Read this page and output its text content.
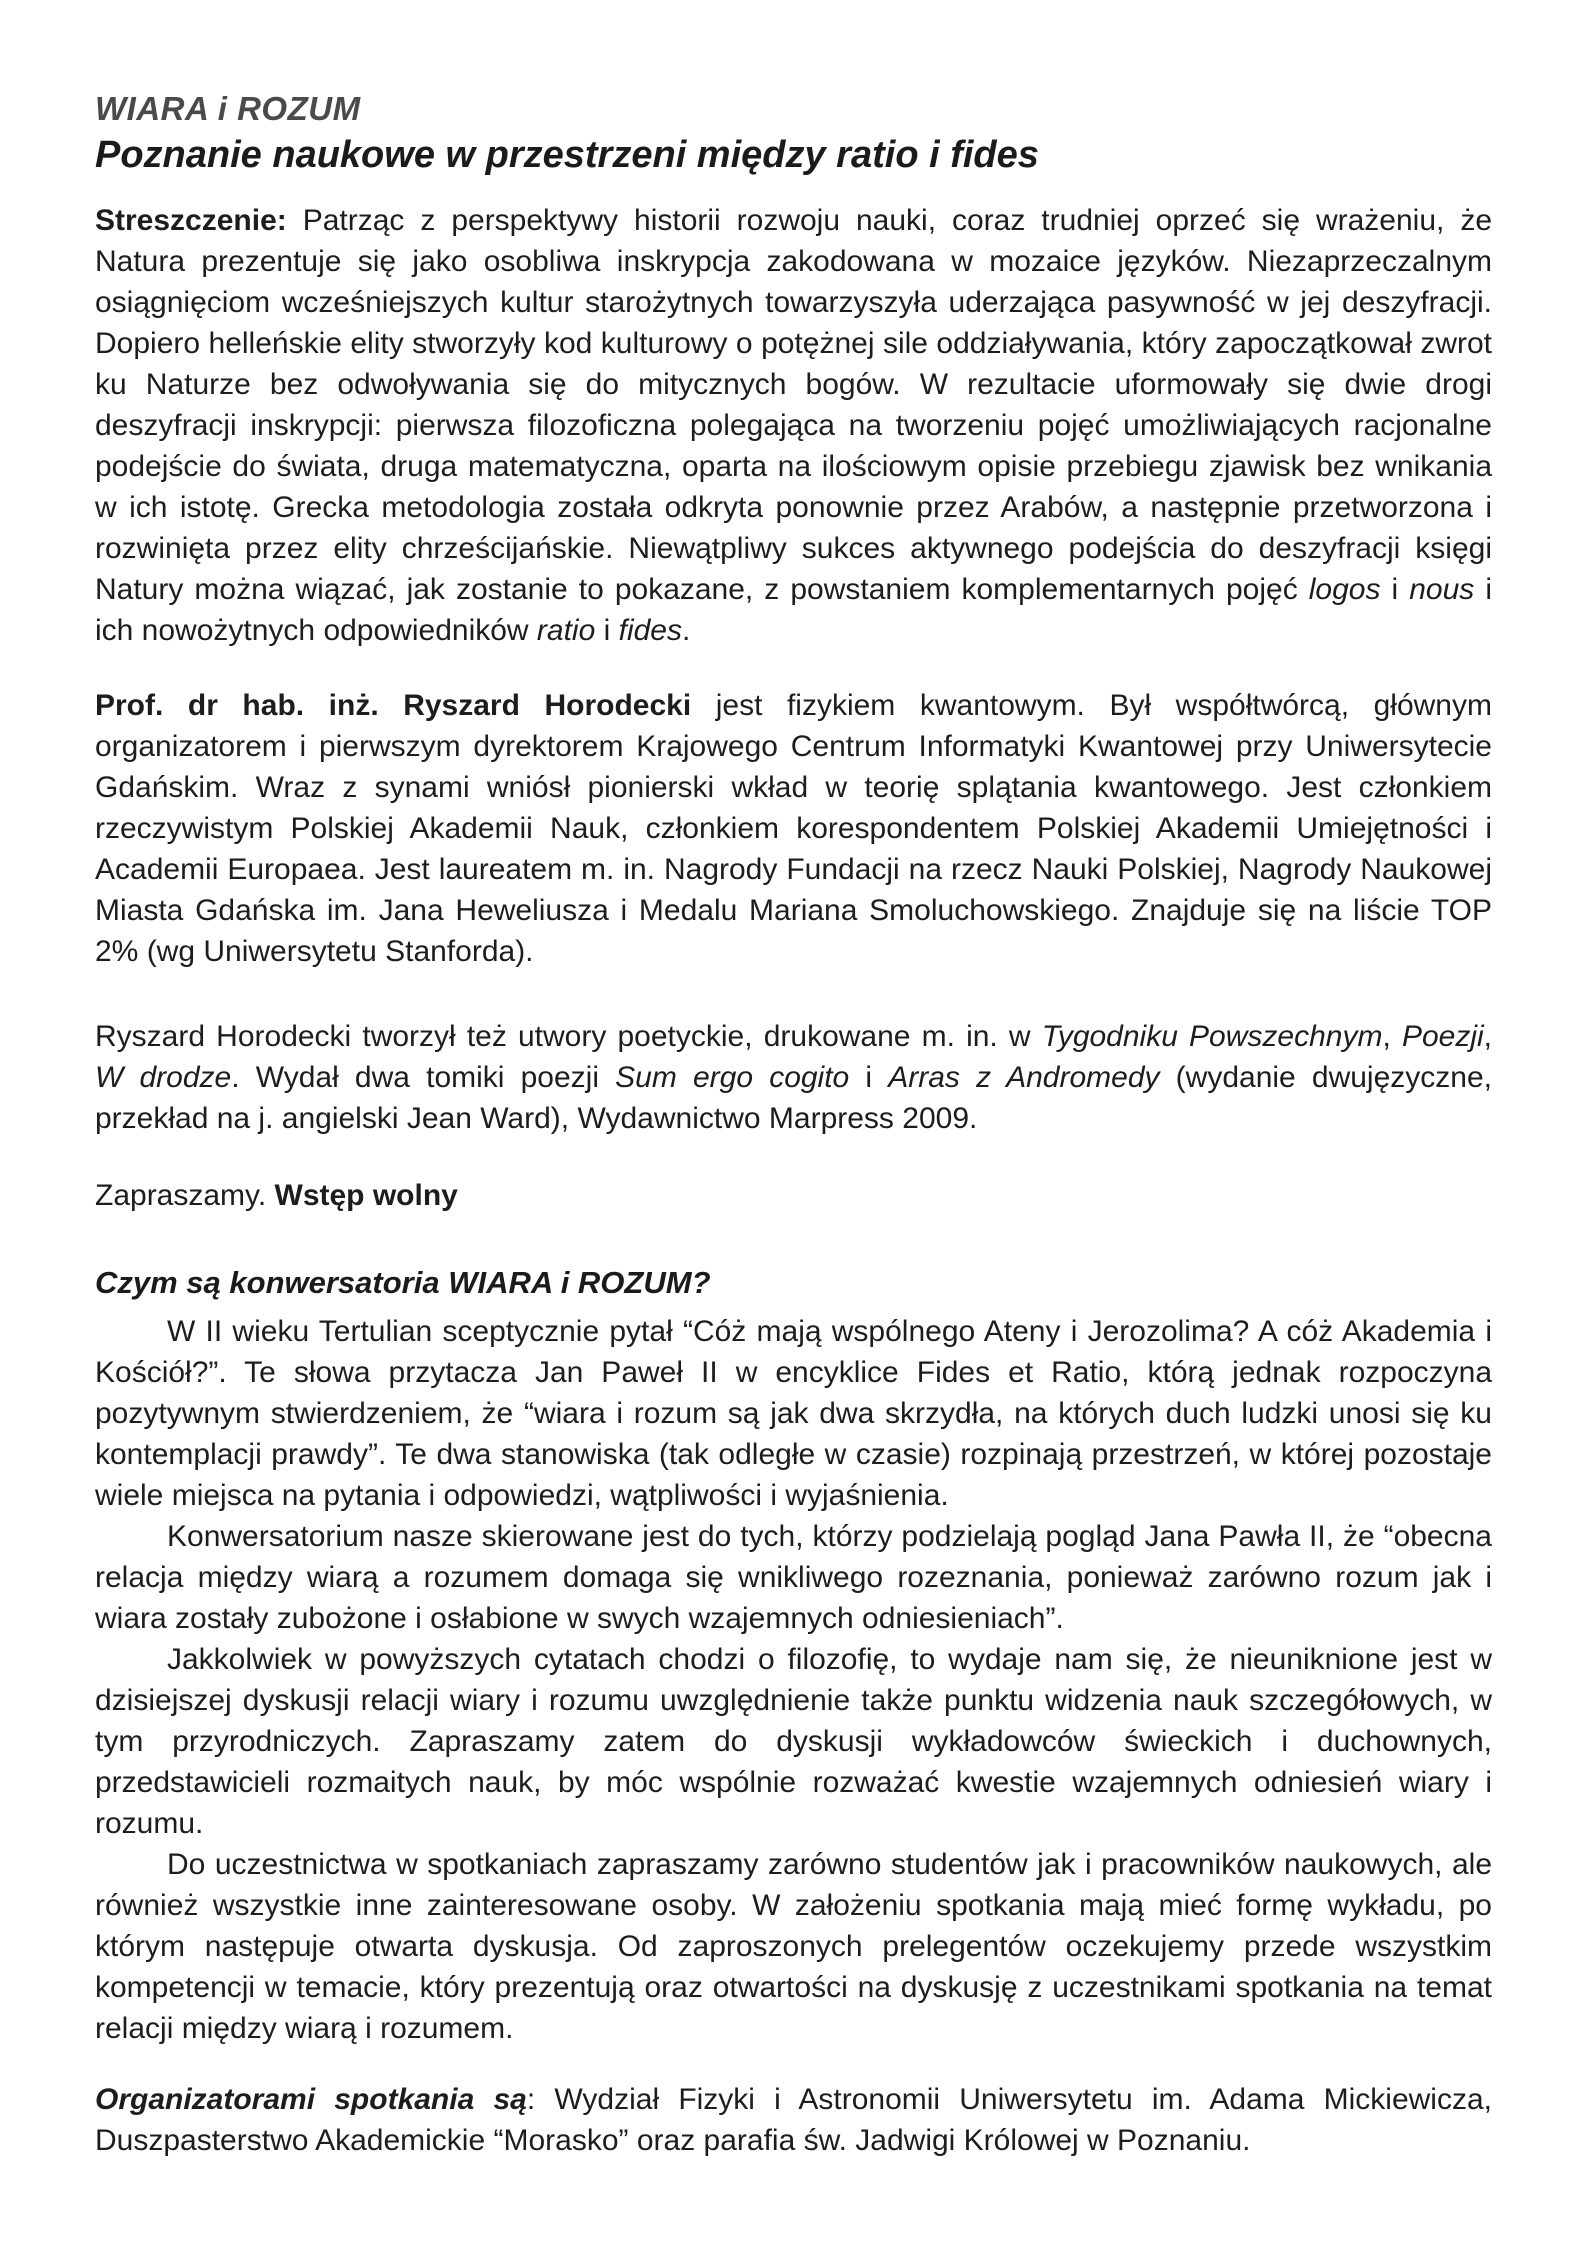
WIARA i ROZUM
Poznanie naukowe w przestrzeni między ratio i fides

Streszczenie: Patrząc z perspektywy historii rozwoju nauki, coraz trudniej oprzeć się wrażeniu, że Natura prezentuje się jako osobliwa inskrypcja zakodowana w mozaice języków. Niezaprzeczalnym osiągnięciom wcześniejszych kultur starożytnych towarzyszyła uderzająca pasywność w jej deszyfracji. Dopiero helleńskie elity stworzyły kod kulturowy o potężnej sile oddziaływania, który zapoczątkował zwrot ku Naturze bez odwoływania się do mitycznych bogów. W rezultacie uformowały się dwie drogi deszyfracji inskrypcji: pierwsza filozoficzna polegająca na tworzeniu pojęć umożliwiających racjonalne podejście do świata, druga matematyczna, oparta na ilościowym opisie przebiegu zjawisk bez wnikania w ich istotę. Grecka metodologia została odkryta ponownie przez Arabów, a następnie przetworzona i rozwinięta przez elity chrześcijańskie. Niewątpliwy sukces aktywnego podejścia do deszyfracji księgi Natury można wiązać, jak zostanie to pokazane, z powstaniem komplementarnych pojęć logos i nous i ich nowożytnych odpowiedników ratio i fides.

Prof. dr hab. inż. Ryszard Horodecki jest fizykiem kwantowym. Był współtwórcą, głównym organizatorem i pierwszym dyrektorem Krajowego Centrum Informatyki Kwantowej przy Uniwersytecie Gdańskim. Wraz z synami wniósł pionierski wkład w teorię splątania kwantowego. Jest członkiem rzeczywistym Polskiej Akademii Nauk, członkiem korespondentem Polskiej Akademii Umiejętności i Academii Europaea. Jest laureatem m. in. Nagrody Fundacji na rzecz Nauki Polskiej, Nagrody Naukowej Miasta Gdańska im. Jana Heweliusza i Medalu Mariana Smoluchowskiego. Znajduje się na liście TOP 2% (wg Uniwersytetu Stanforda).

Ryszard Horodecki tworzył też utwory poetyckie, drukowane m. in. w Tygodniku Powszechnym, Poezji, W drodze. Wydał dwa tomiki poezji Sum ergo cogito i Arras z Andromedy (wydanie dwujęzyczne, przekład na j. angielski Jean Ward), Wydawnictwo Marpress 2009.

Zapraszamy. Wstęp wolny

Czym są konwersatoria WIARA i ROZUM?

W II wieku Tertulian sceptycznie pytał “Cóż mają wspólnego Ateny i Jerozolima? A cóż Akademia i Kościół?”. Te słowa przytacza Jan Paweł II w encyklice Fides et Ratio, którą jednak rozpoczyna pozytywnym stwierdzeniem, że “wiara i rozum są jak dwa skrzydła, na których duch ludzki unosi się ku kontemplacji prawdy”. Te dwa stanowiska (tak odległe w czasie) rozpinają przestrzeń, w której pozostaje wiele miejsca na pytania i odpowiedzi, wątpliwości i wyjaśnienia.

Konwersatorium nasze skierowane jest do tych, którzy podzielają pogląd Jana Pawła II, że “obecna relacja między wiarą a rozumem domaga się wnikliwego rozeznania, ponieważ zarówno rozum jak i wiara zostały zubożone i osłabione w swych wzajemnych odniesieniach”.

Jakkolwiek w powyższych cytatach chodzi o filozofię, to wydaje nam się, że nieuniknione jest w dzisiejszej dyskusji relacji wiary i rozumu uwzględnienie także punktu widzenia nauk szczegółowych, w tym przyrodniczych. Zapraszamy zatem do dyskusji wykładowców świeckich i duchownych, przedstawicieli rozmaitych nauk, by móc wspólnie rozważać kwestie wzajemnych odniesień wiary i rozumu.

Do uczestnictwa w spotkaniach zapraszamy zarówno studentów jak i pracowników naukowych, ale również wszystkie inne zainteresowane osoby. W założeniu spotkania mają mieć formę wykładu, po którym następuje otwarta dyskusja. Od zaproszonych prelegentów oczekujemy przede wszystkim kompetencji w temacie, który prezentują oraz otwartości na dyskusję z uczestnikami spotkania na temat relacji między wiarą i rozumem.

Organizatorami spotkania są: Wydział Fizyki i Astronomii Uniwersytetu im. Adama Mickiewicza, Duszpasterstwo Akademickie “Morasko” oraz parafia św. Jadwigi Królowej w Poznaniu.
